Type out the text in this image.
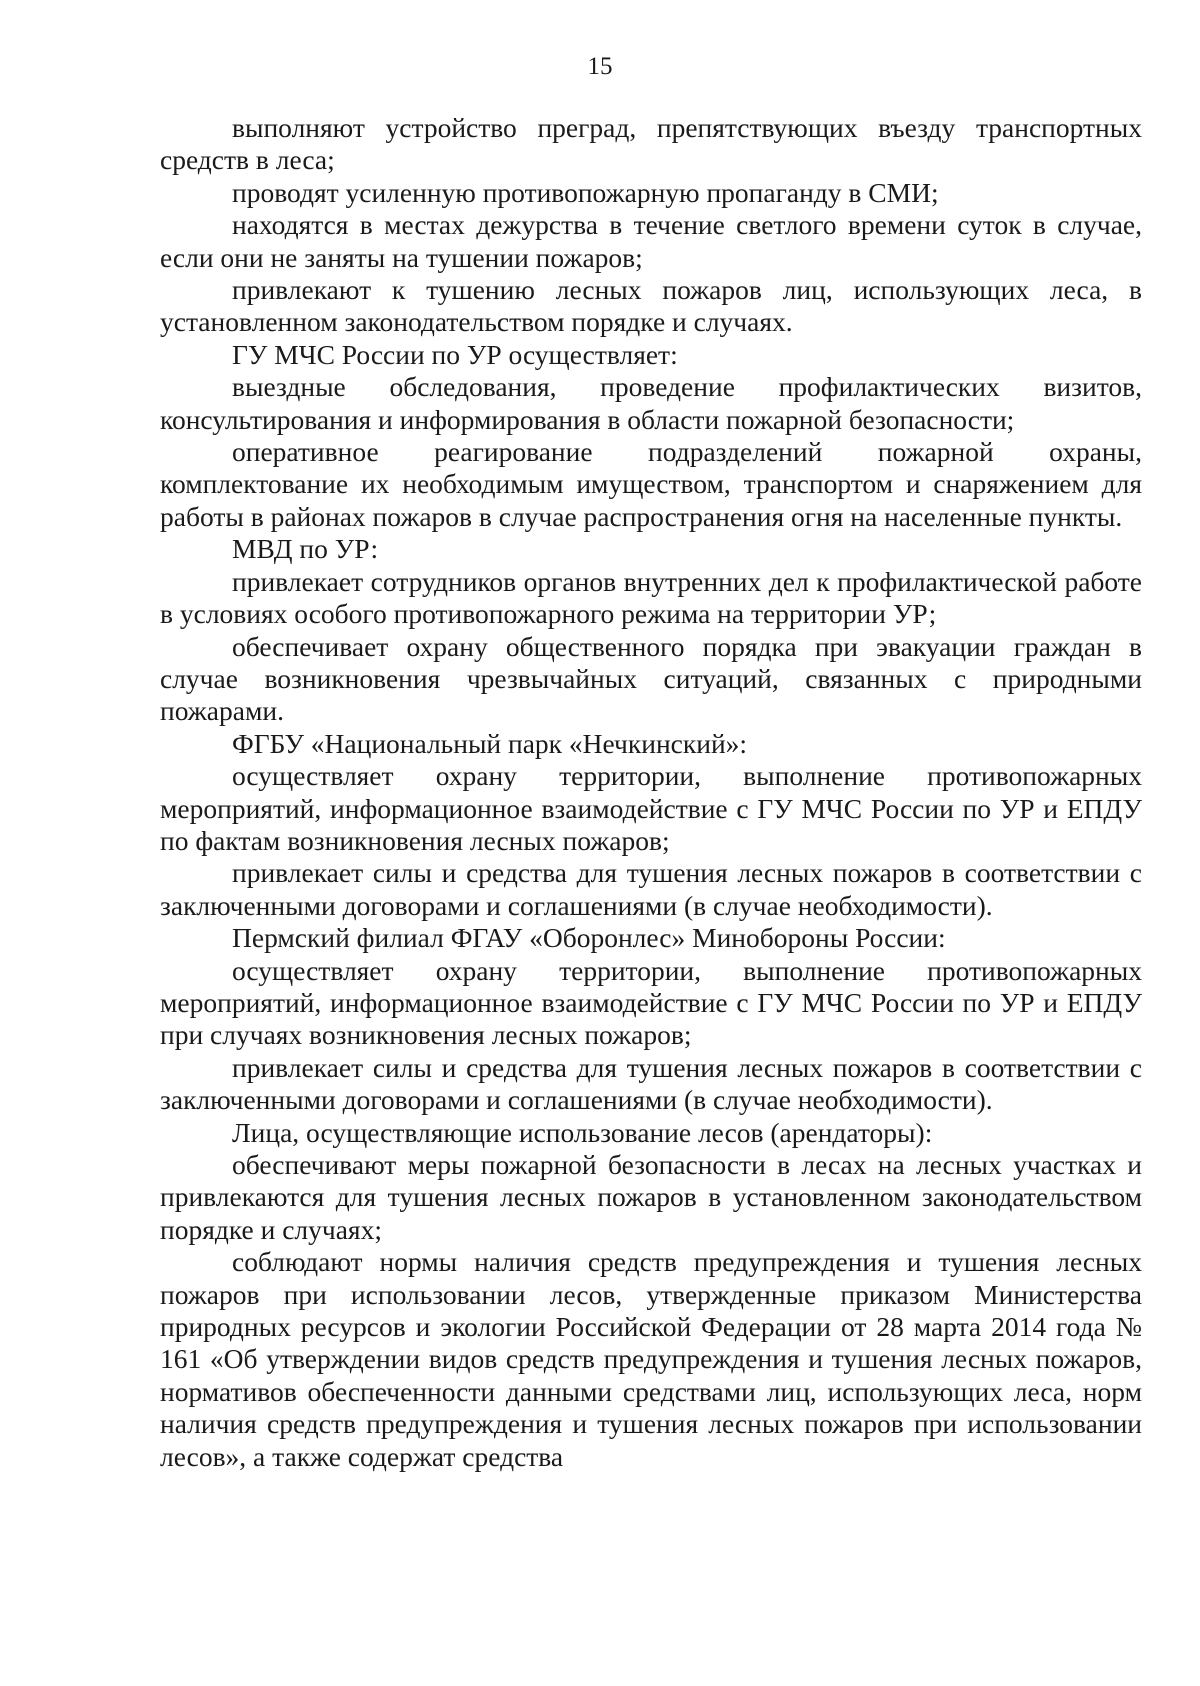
15

выполняют устройство преград, препятствующих въезду транспортных средств в леса;

проводят усиленную противопожарную пропаганду в СМИ;

находятся в местах дежурства в течение светлого времени суток в случае, если они не заняты на тушении пожаров;

привлекают к тушению лесных пожаров лиц, использующих леса, в установленном законодательством порядке и случаях.

ГУ МЧС России по УР осуществляет:

выездные обследования, проведение профилактических визитов, консультирования и информирования в области пожарной безопасности;

оперативное реагирование подразделений пожарной охраны, комплектование их необходимым имуществом, транспортом и снаряжением для работы в районах пожаров в случае распространения огня на населенные пункты.

МВД по УР:

привлекает сотрудников органов внутренних дел к профилактической работе в условиях особого противопожарного режима на территории УР;

обеспечивает охрану общественного порядка при эвакуации граждан в случае возникновения чрезвычайных ситуаций, связанных с природными пожарами.

ФГБУ «Национальный парк «Нечкинский»:

осуществляет охрану территории, выполнение противопожарных мероприятий, информационное взаимодействие с ГУ МЧС России по УР и ЕПДУ по фактам возникновения лесных пожаров;

привлекает силы и средства для тушения лесных пожаров в соответствии с заключенными договорами и соглашениями (в случае необходимости).

Пермский филиал ФГАУ «Оборонлес» Минобороны России:

осуществляет охрану территории, выполнение противопожарных мероприятий, информационное взаимодействие с ГУ МЧС России по УР и ЕПДУ при случаях возникновения лесных пожаров;

привлекает силы и средства для тушения лесных пожаров в соответствии с заключенными договорами и соглашениями (в случае необходимости).

Лица, осуществляющие использование лесов (арендаторы):

обеспечивают меры пожарной безопасности в лесах на лесных участках и привлекаются для тушения лесных пожаров в установленном законодательством порядке и случаях;

соблюдают нормы наличия средств предупреждения и тушения лесных пожаров при использовании лесов, утвержденные приказом Министерства природных ресурсов и экологии Российской Федерации от 28 марта 2014 года № 161 «Об утверждении видов средств предупреждения и тушения лесных пожаров, нормативов обеспеченности данными средствами лиц, использующих леса, норм наличия средств предупреждения и тушения лесных пожаров при использовании лесов», а также содержат средства
